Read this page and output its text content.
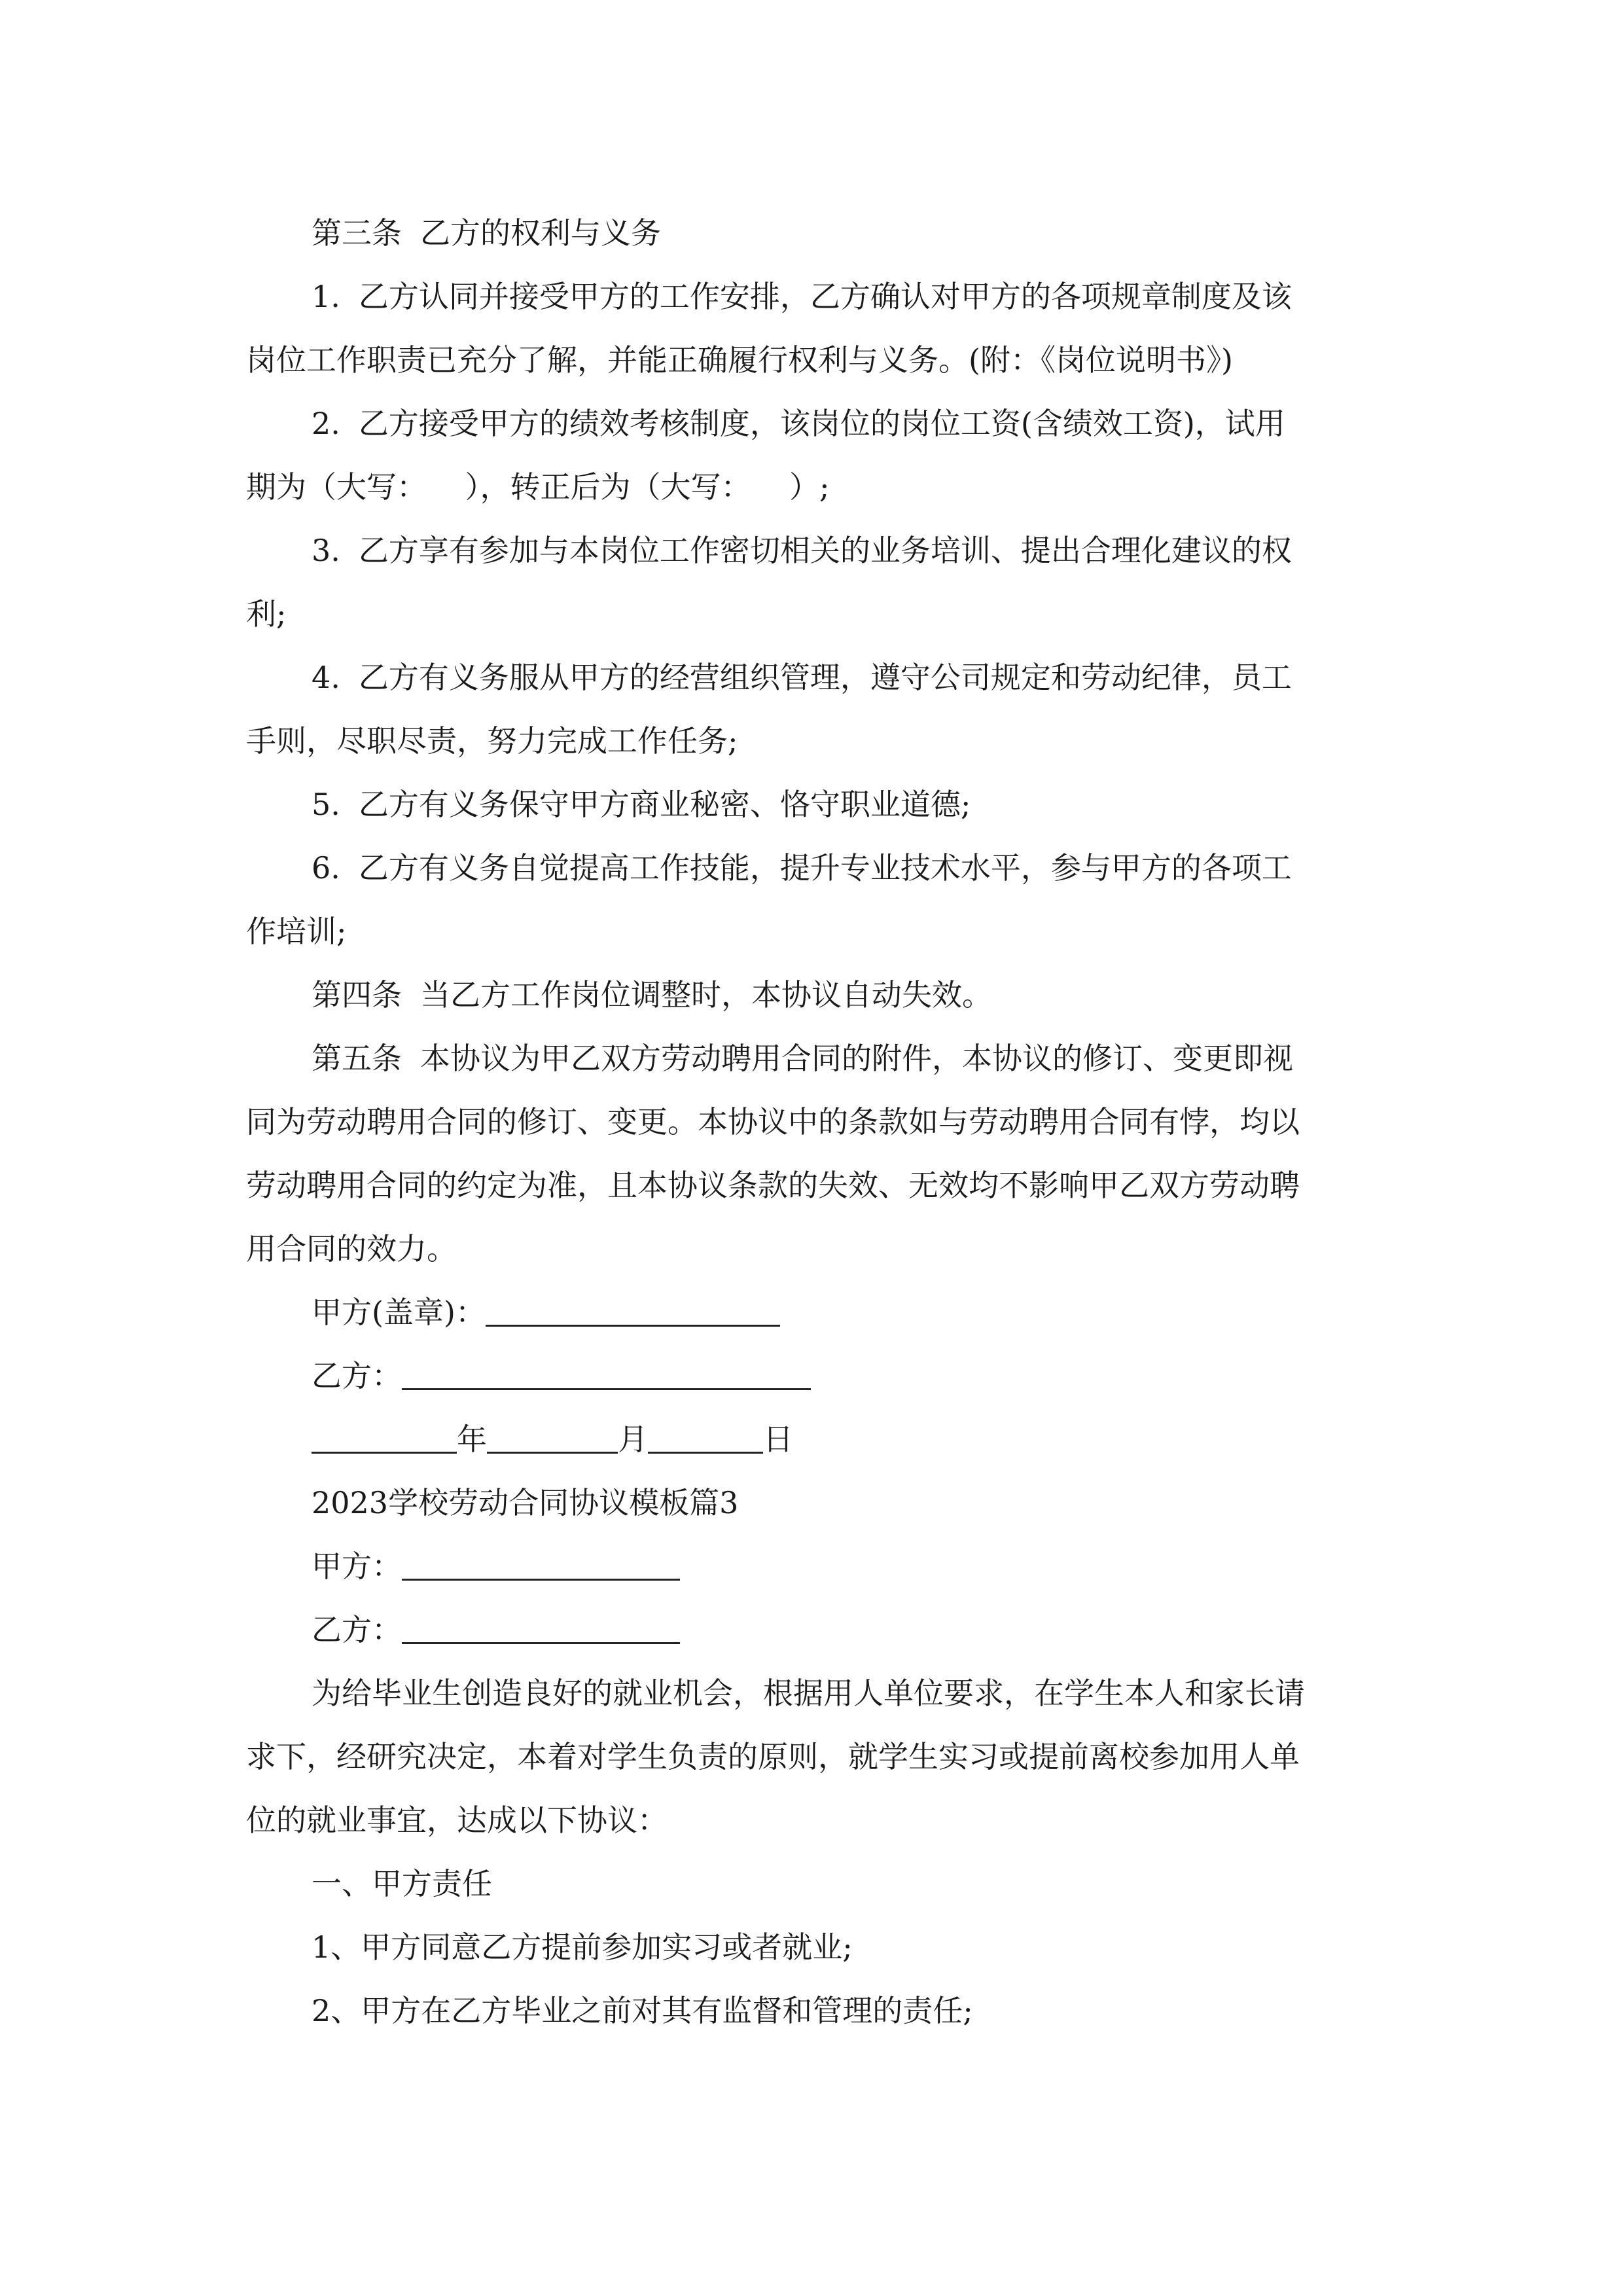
第三条 乙方的权利与义务
1. 乙方认同并接受甲方的工作安排，乙方确认对甲方的各项规章制度及该
岗位工作职责已充分了解，并能正确履行权利与义务。(附：《岗位说明书》)
2. 乙方接受甲方的绩效考核制度，该岗位的岗位工资(含绩效工资)，试用
期为（大写：    ），转正后为（大写：    ）;
3. 乙方享有参加与本岗位工作密切相关的业务培训、提出合理化建议的权
利;
4. 乙方有义务服从甲方的经营组织管理，遵守公司规定和劳动纪律，员工
手则，尽职尽责，努力完成工作任务;
5. 乙方有义务保守甲方商业秘密、恪守职业道德;
6. 乙方有义务自觉提高工作技能，提升专业技术水平，参与甲方的各项工
作培训;
第四条 当乙方工作岗位调整时，本协议自动失效。
第五条 本协议为甲乙双方劳动聘用合同的附件，本协议的修订、变更即视
同为劳动聘用合同的修订、变更。本协议中的条款如与劳动聘用合同有悖，均以
劳动聘用合同的约定为准，且本协议条款的失效、无效均不影响甲乙双方劳动聘
用合同的效力。
甲方(盖章)：
乙方：
年	月	日
2023学校劳动合同协议模板篇3
甲方：
乙方：
为给毕业生创造良好的就业机会，根据用人单位要求，在学生本人和家长请
求下，经研究决定，本着对学生负责的原则，就学生实习或提前离校参加用人单
位的就业事宜，达成以下协议：
一、甲方责任
1、甲方同意乙方提前参加实习或者就业;
2、甲方在乙方毕业之前对其有监督和管理的责任;
